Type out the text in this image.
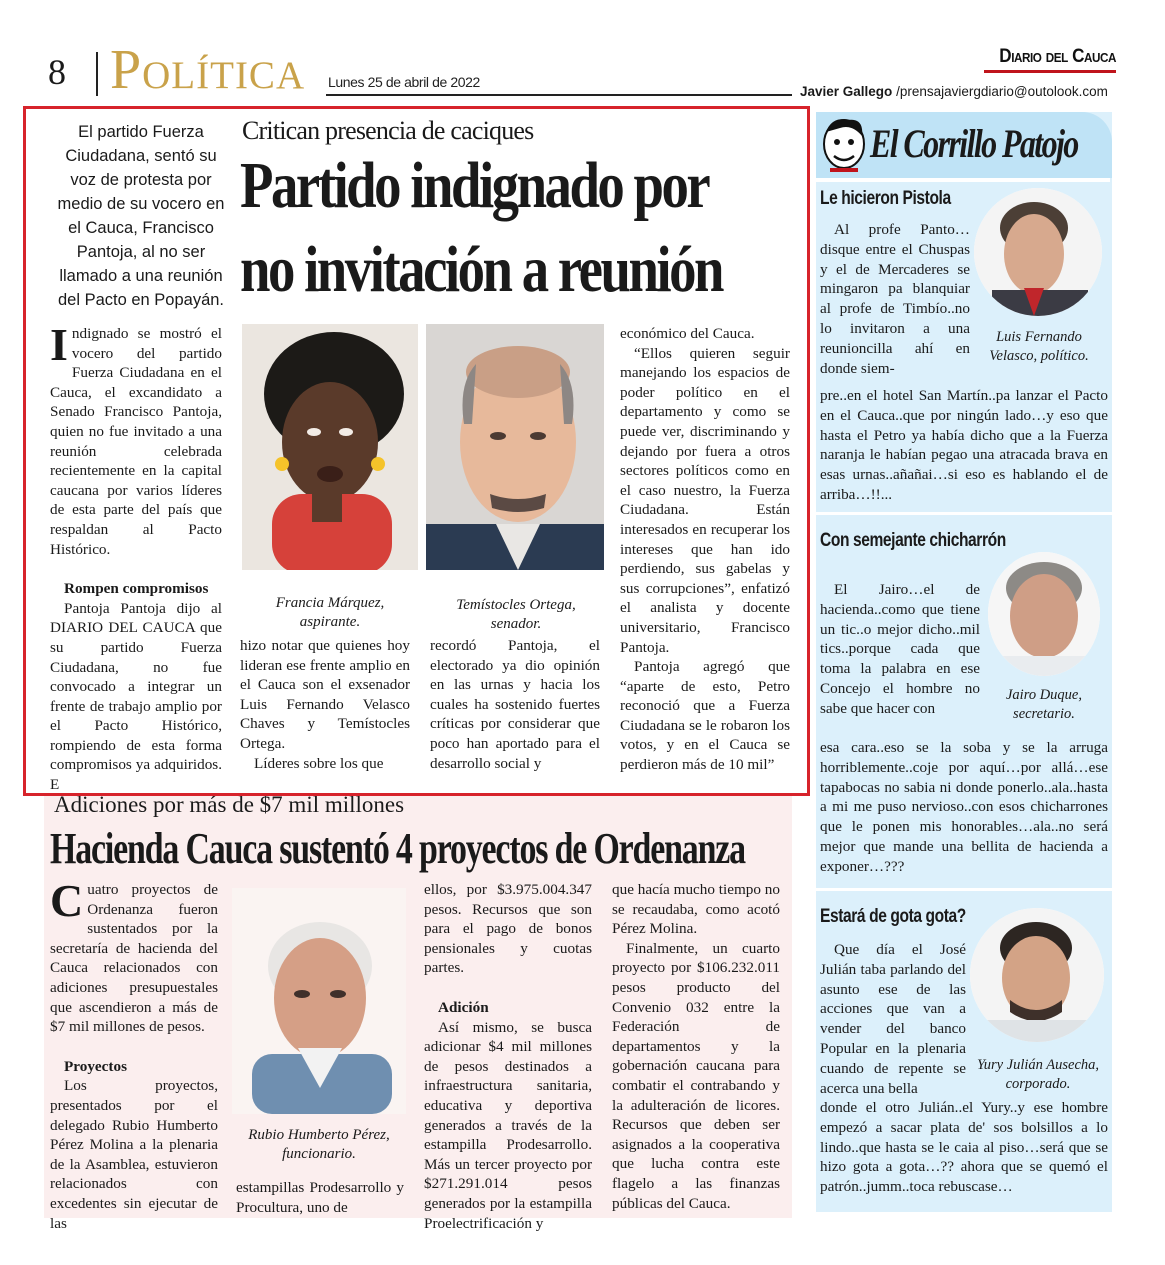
8 Política Lunes 25 de abril de 2022
Diario del Cauca
Javier Gallego /prensajaviergdiario@outolook.com
El partido Fuerza Ciudadana, sentó su voz de protesta por medio de su vocero en el Cauca, Francisco Pantoja, al no ser llamado a una reunión del Pacto en Popayán.
Critican presencia de caciques
Partido indignado por
no invitación a reunión

Indignado se mostró el vocero del partido Fuerza Ciudadana en el Cauca, el excandidato a Senado Francisco Pantoja, quien no fue invitado a una reunión celebrada recientemente en la capital caucana por varios líderes de esta parte del país que respaldan al Pacto Histórico.

Rompen compromisos

Pantoja Pantoja dijo al DIARIO DEL CAUCA que su partido Fuerza Ciudadana, no fue convocado a integrar un frente de trabajo amplio por el Pacto Histórico, rompiendo de esta forma compromisos ya adquiridos. E

Francia Márquez,
aspirante.
Temístocles Ortega,
senador.

hizo notar que quienes hoy lideran ese frente amplio en el Cauca son el exsenador Luis Fernando Velasco Chaves y Temístocles Ortega.

Líderes sobre los que

recordó Pantoja, el electorado ya dio opinión en las urnas y hacia los cuales ha sostenido fuertes críticas por considerar que poco han aportado para el desarrollo social y

económico del Cauca.

“Ellos quieren seguir manejando los espacios de poder político en el departamento y como se puede ver, discriminando y dejando por fuera a otros sectores políticos como en el caso nuestro, la Fuerza Ciudadana. Están interesados en recuperar los intereses que han ido perdiendo, sus gabelas y sus corrupciones”, enfatizó el analista y docente universitario, Francisco Pantoja.

Pantoja agregó que “aparte de esto, Petro reconoció que a Fuerza Ciudadana se le robaron los votos, y en el Cauca se perdieron más de 10 mil”

Adiciones por más de $7 mil millones
Hacienda Cauca sustentó 4 proyectos de Ordenanza

Cuatro proyectos de Ordenanza fueron sustentados por la secretaría de hacienda del Cauca relacionados con adiciones presupuestales que ascendieron a más de $7 mil millones de pesos.

Proyectos

Los proyectos, presentados por el delegado Rubio Humberto Pérez Molina a la plenaria de la Asamblea, estuvieron relacionados con excedentes sin ejecutar de las

Rubio Humberto Pérez,
funcionario.

estampillas Prodesarrollo y Procultura, uno de

ellos, por $3.975.004.347 pesos. Recursos que son para el pago de bonos pensionales y cuotas partes.

Adición

Así mismo, se busca adicionar $4 mil millones de pesos destinados a infraestructura sanitaria, educativa y deportiva generados a través de la estampilla Prodesarrollo. Más un tercer proyecto por $271.291.014 pesos generados por la estampilla Proelectrificación y

que hacía mucho tiempo no se recaudaba, como acotó Pérez Molina.

Finalmente, un cuarto proyecto por $106.232.011 pesos producto del Convenio 032 entre la Federación de departamentos y la gobernación caucana para combatir el contrabando y la adulteración de licores. Recursos que deben ser asignados a la cooperativa que lucha contra este flagelo a las finanzas públicas del Cauca.

El Corrillo Patojo
Le hicieron Pistola

Al profe Panto… disque entre el Chuspas y el de Mercaderes se mingaron pa blanquiar al profe de Timbío..no lo invitaron a una reunioncilla ahí en donde siem-

Luis Fernando
Velasco, político.

pre..en el hotel San Martín..pa lanzar el Pacto en el Cauca..que por ningún lado…y eso que hasta el Petro ya había dicho que a la Fuerza naranja le habían pegao una atracada brava en esas urnas..añañai…si eso es hablando el de arriba…!!...

Con semejante chicharrón

El Jairo…el de hacienda..como que tiene un tic..o mejor dicho..mil tics..porque cada que toma la palabra en ese Concejo el hombre no sabe que hacer con

Jairo Duque,
secretario.

esa cara..eso se la soba y se la arruga horriblemente..coje por aquí…por allá…ese tapabocas no sabia ni donde ponerlo..ala..hasta a mi me puso nervioso..con esos chicharrones que le ponen mis honorables…ala..no será mejor que mande una bellita de hacienda a exponer…???

Estará de gota gota?

Que día el José Julián taba parlando del asunto ese de las acciones que van a vender del banco Popular en la plenaria cuando de repente se acerca una bella

Yury Julián Ausecha,
corporado.

donde el otro Julián..el Yury..y ese hombre empezó a sacar plata de' sos bolsillos a lo lindo..que hasta se le caia al piso…será que se hizo gota a gota…?? ahora que se quemó el patrón..jumm..toca rebuscase…
